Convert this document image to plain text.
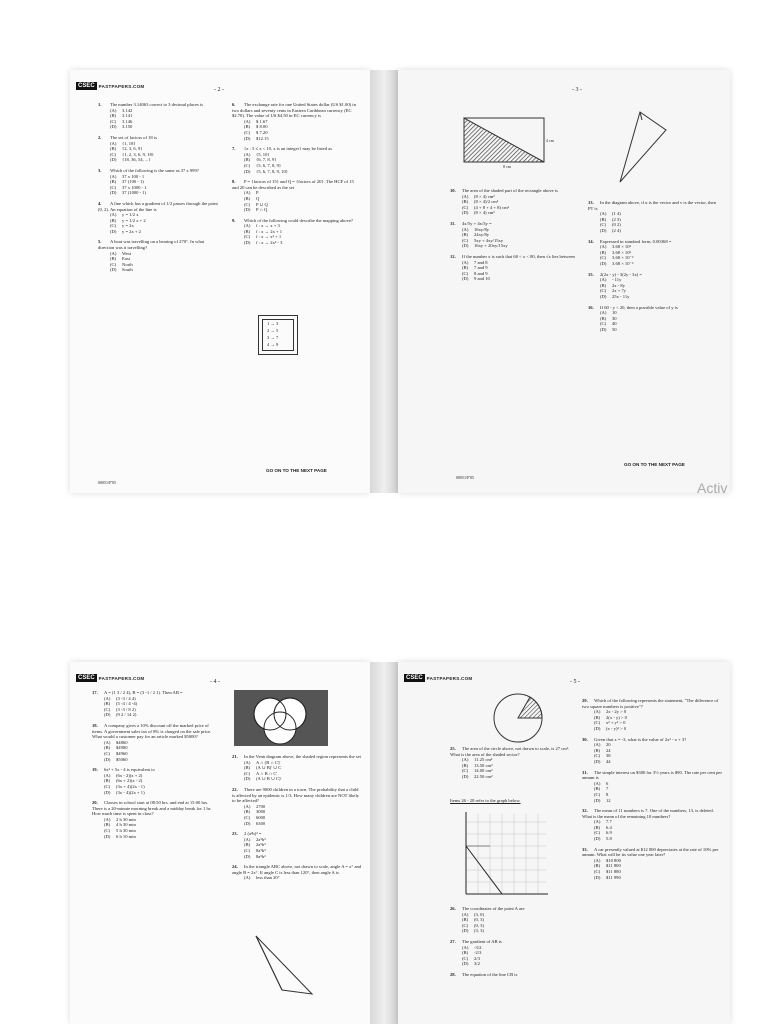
CSEC PASTPAPERS.COM
- 2 -
1. The number 3.14063 correct to 3 decimal places is
(A)	3.142
(B)	3.141
(C)	3.146
(D)	3.150
2. The set of factors of 18 is
(A)	{1, 18}
(B)	{2, 3, 6, 9}
(C)	{1, 2, 3, 6, 9, 18}
(D)	{18, 36, 54, ...}
3. Which of the following is the same as 37 x 999?
(A)	37 x 100 - 1
(B)	37 (100 - 1)
(C)	37 x 1000 - 1
(D)	37 (1000 - 1)
4. A line which has a gradient of 1/2 passes through the point (0, 2). An equation of the line is
(A)	y = 1/2 x
(B)	y = 1/2 x + 2
(C)	y = 2x
(D)	y = 2x + 2
5. A boat was travelling on a bearing of 270°. In what direction was it travelling?
(A)	West
(B)	East
(C)	North
(D)	South
6. The exchange rate for one United States dollar (US $1.00) in two dollars and seventy cents in Eastern Caribbean currency (EC $2.70). The value of US $4.50 in EC currency is
(A)	$ 1.67
(B)	$ 8.00
(C)	$ 7.20
(D)	$12.15
7. {x : 5 ≤ x < 10, x is an integer} may be listed as
(A)	{5, 10}
(B)	{6, 7, 8, 9}
(C)	{5, 6, 7, 8, 9}
(D)	{5, 6, 7, 8, 9, 10}
8. P = {factors of 15} and Q = {factors of 20}. The HCF of 15 and 20 can be described as the set
(A)	P
(B)	Q
(C)	P ∪ Q
(D)	P ∩ Q
9. Which of the following could describe the mapping above?
(A)	f : x → x + 3
(B)	f : x → 2x + 1
(C)	f : x → x² + 1
(D)	f : x → 2x² - 3
1 → 3
2 → 5
3 → 7
4 → 9
GO ON TO THE NEXT PAGE
00051/F'05
- 3 -
4 cm
8 cm
10. The area of the shaded part of the rectangle above is
(A)	(8 × 4) cm²
(B)	(8 × 4)/2 cm²
(C)	(4 + 8 + 4 + 8) cm²
(D)	(8 × 4) cm³
11. 4x/5y + 4x/3y =
(A)	16xy/8y
(B)	24xy/8y
(C)	5xy + 4xy/15xy
(D)	16xy + 20xy/15xy
12. If the number x is such that 60 < x < 80, then √x lies between
(A)	7 and 8
(B)	7 and 9
(C)	8 and 9
(D)	9 and 10
13. In the diagram above, if u is the vector and v is the vector, then PT is
(A)	(1 4)
(B)	(2 3)
(C)	(0 2)
(D)	(2 4)
14. Expressed in standard form, 0.00368 =
(A)	3.68 × 10³
(B)	3.68 × 10²
(C)	3.68 × 10⁻²
(D)	3.68 × 10⁻³
15. 2(2x - y) - 3(2y - 3x) =
(A)	- 11y
(B)	2x - 8y
(C)	2x + 7y
(D)	25x - 11y
16. If 60 - y < 20, then a possible value of y is
(A)	10
(B)	30
(C)	40
(D)	50
GO ON TO THE NEXT PAGE
00051/F'05
Activ
CSEC PASTPAPERS.COM
- 4 -
17. A = (1 3 / 2 4), B = (3 -1 / 2 1). Then AB =
(A)	(3 -3 / 4 4)
(B)	(5 -4 / 4 -4)
(C)	(3 -3 / 8 2)
(D)	(9 2 / 14 2)
18. A company gives a 10% discount off the marked price of items. A government sales tax of 8% is charged on the sale price. What would a customer pay for an article marked $5000?
(A)	$4860
(B)	$4900
(C)	$4960
(D)	$5060
19. 6x² + 5x - 4 is equivalent to
(A)	(6x - 2)(x + 2)
(B)	(6x + 2)(x - 2)
(C)	(3x + 4)(2x - 1)
(D)	(3x - 4)(2x + 1)
20. Classes in school start at 08:50 hrs. and end at 15:00 hrs. There is a 20-minute morning break and a midday break for 1 hr. How much time is spent in class?
(A)	2 h 30 min
(B)	4 h 30 min
(C)	5 h 30 min
(D)	6 h 10 min
21. In the Venn diagram above, the shaded region represents the set
(A)	A ∩ (B ∩ C)'
(B)	(A ∪ B)' ∪ C
(C)	A ∩ B ∩ C'
(D)	(A ∪ B ∪ C)'
22. There are 9000 children in a town. The probability that a child is affected by an epidemic is 1/3. How many children are NOT likely to be affected?
(A)	2700
(B)	3000
(C)	6000
(D)	6300
23. 2 (a²b)³ =
(A)	2a⁵b³
(B)	2a⁶b³
(C)	8a⁵b³
(D)	8a⁶b³
24. In the triangle ABC above, not drawn to scale, angle A = x° and angle B = 2x°. If angle C is less than 120°, then angle A is
(A)	less than 20°
CSEC PASTPAPERS.COM
- 5 -
25. The area of the circle above, not drawn to scale, is 27 cm². What is the area of the shaded sector?
(A)	11.25 cm²
(B)	13.50 cm²
(C)	14.00 cm²
(D)	22.50 cm²
Items 26 - 28 refer to the graph below.
26. The coordinates of the point A are
(A)	(3, 0)
(B)	(0, 3)
(C)	(0, 3)
(D)	(3, 3)
27. The gradient of AB is
(A)	-3/2
(B)	-2/3
(C)	2/3
(D)	3/2
28. The equation of the line CB is
29. Which of the following represents the statement, "The difference of two square numbers is positive"?
(A)	2x - 2y > 0
(B)	2(x - y) > 0
(C)	x² + y² > 0
(D)	(x - y)² > 0
30. Given that x = -3, what is the value of 2x² - x + 3?
(A)	20
(B)	24
(C)	38
(D)	44
31. The simple interest on $300 for 3½ years is $90. The rate per cent per annum is
(A)	6
(B)	7
(C)	8
(D)	12
32. The mean of 11 numbers is 7. One of the numbers, 13, is deleted. What is the mean of the remaining 10 numbers?
(A)	7.7
(B)	6.4
(C)	6.9
(D)	5.8
33. A car presently valued at $12 000 depreciates at the rate of 10% per annum. What will be its value one year later?
(A)	$10 800
(B)	$11 800
(C)	$11 880
(D)	$11 990
